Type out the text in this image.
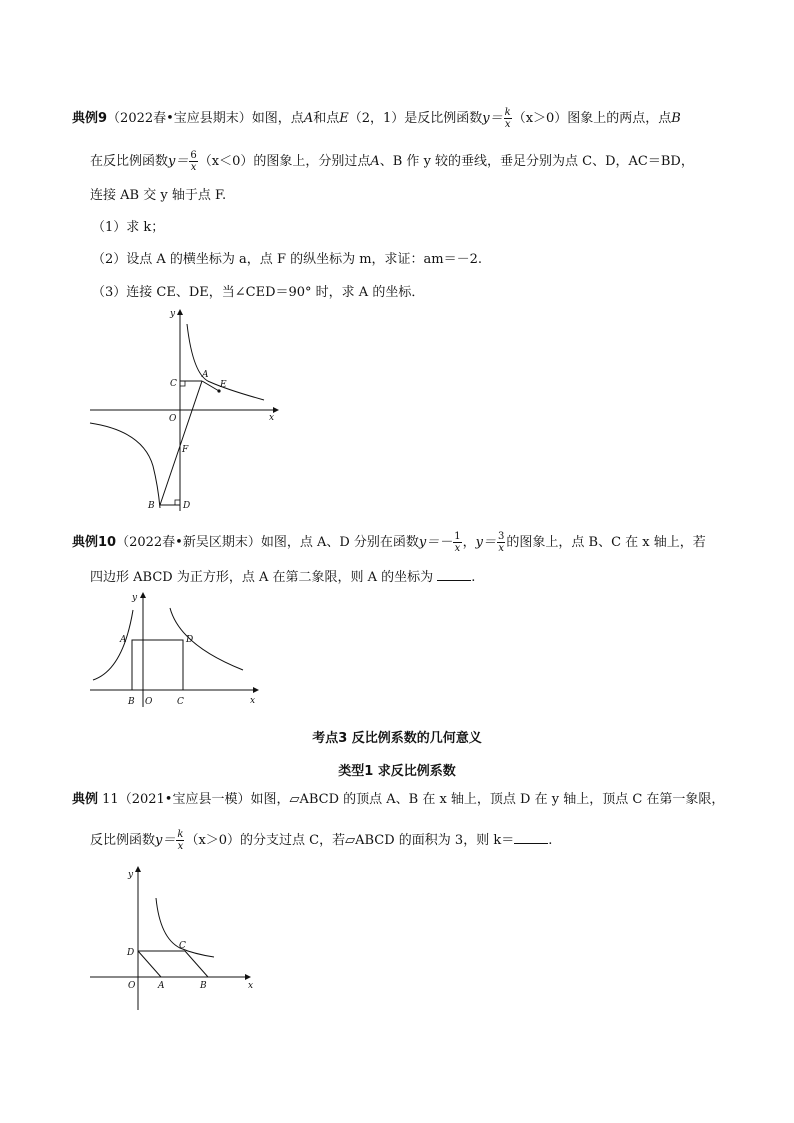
典例9（2022春•宝应县期末）如图，点A和点E（2，1）是反比例函数$y= \frac{k}{x} (x>0)$图象上的两点，点B
在反比例函数$y= \frac{6}{x} (x<0)$的图象上，分别过点A、B 作 y 较的垂线，垂足分别为点 C、D，AC＝BD，
连接 AB 交 y 轴于点 F.
（1）求 k；
（2）设点 A 的横坐标为 a，点 F 的纵坐标为 m，求证：am＝－2.
（3）连接 CE、DE，当∠CED＝90° 时，求 A 的坐标．
y
x
O
A
E
C
F
B	D
典例10（2022春•新吴区期末）如图，点 A、D 分别在函数$y=- \frac{1}{x}$ ，$y= \frac{3}{x}$ 的图象上，点 B、C 在 x 轴上，若
四边形 ABCD 为正方形，点 A 在第二象限，则 A 的坐标为	.
y
x
A	D
B O	C
考点3 反比例系数的几何意义
类型1 求反比例系数
典例 11（2021•宝应县一模）如图，▱ABCD 的顶点 A、B 在 x 轴上，顶点 D 在 y 轴上，顶点 C 在第一象限，
反比例函数$y= \frac{k}{x} (x>0)$的分支过点 C，若▱ABCD 的面积为 3，则 k＝	.
y
x
O	A	B
C
D
